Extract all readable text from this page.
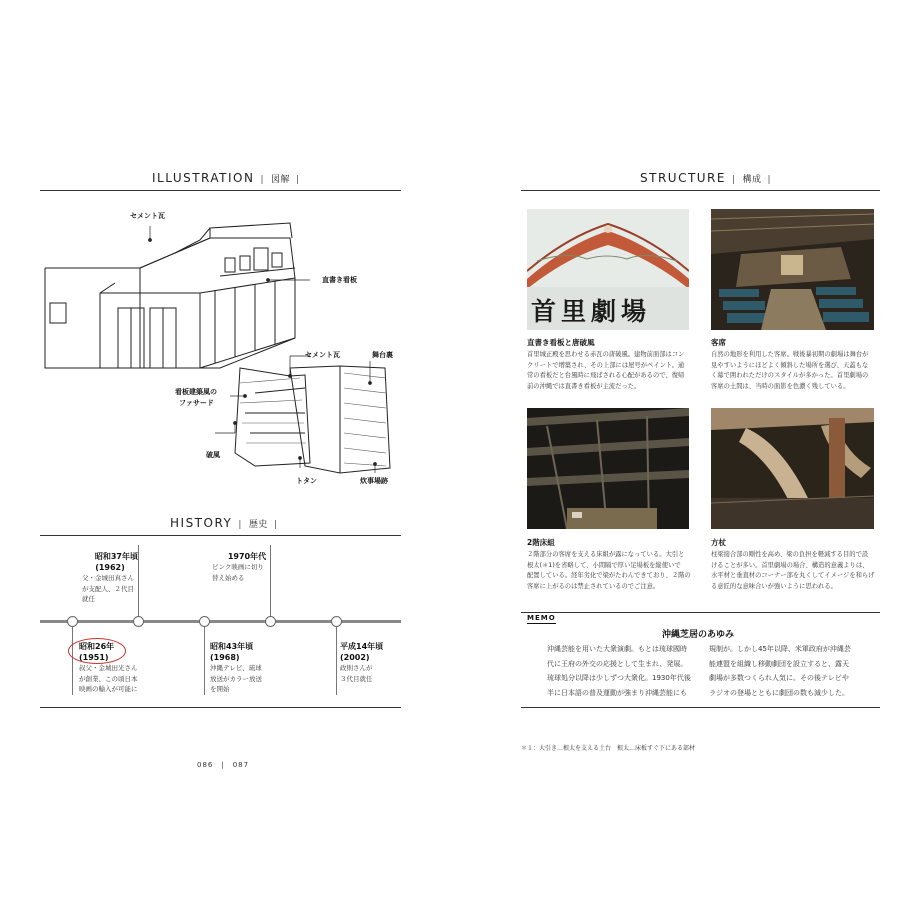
ILLUSTRATION | 図解 |
セメント瓦
直書き看板
セメント瓦	舞台裏
看板建築風の
ファサード
破風
トタン	炊事場跡
HISTORY | 歴史 |
昭和37年頃
(1962)
父・金城田真さん
が支配人、２代目
就任
1970年代
ピンク映画に切り
替え始める
昭和26年
(1951)
叔父・金城田光さん
が創業、この頃日本
映画の輸入が可能に
昭和43年頃
(1968)
沖縄テレビ、琉球
放送がカラー放送
を開始
平成14年頃
(2002)
政則さんが
３代目就任
086　|　087
STRUCTURE | 構成 |
首里劇場
直書き看板と唐破風
首里城正殿を思わせる赤瓦の唐破風。建物前面部はコン
クリートで増築され、その上部には屋号がペイント。通
常の看板だと台風時に飛ばされる心配があるので、復帰
前の沖縄では直書き看板が主流だった。
客席
自然の地形を利用した客席。戦後暴初期の劇場は舞台が
見やすいようにほどよく傾斜した場所を選び、天蓋もな
く幕で囲われただけのスタイルが多かった。首里劇場の
客席の土間は、当時の面影を色濃く残している。
2階床組
２階部分の客席を支える床組が露になっている。大引と
根太(＊1)を省略して、小間隔で厚い足場板を縦使いで
配置している。経年劣化で梁がたわんできており、２階の
客席に上がるのは禁止されているのでご注意。
方杖
柱梁接合部の剛性を高め、梁の負担を軽減する目的で設
けることが多い。首里劇場の場合、構造的意義よりは、
水平材と垂直材のコーナー部を丸くしてイメージを和らげ
る意匠的な意味合いが強いように思われる。
MEMO
沖縄芝居のあゆみ
沖縄芸能を用いた大衆演劇。もとは琉球國時
代に王府の外交の応援として生まれ、発展。
琉球処分以降は少しずつ大衆化。1930年代後
半に日本語の普及運動が強まり沖縄芸能にも
規制が。しかし45年以降、米軍政府が沖縄芸
能連盟を組織し移動劇団を設立すると、露天
劇場が多数つくられ人気に。その後テレビや
ラジオの登場とともに劇団の数も減少した。
＊１：大引き…根太を支える土台　根太…床板すぐ下にある部材
